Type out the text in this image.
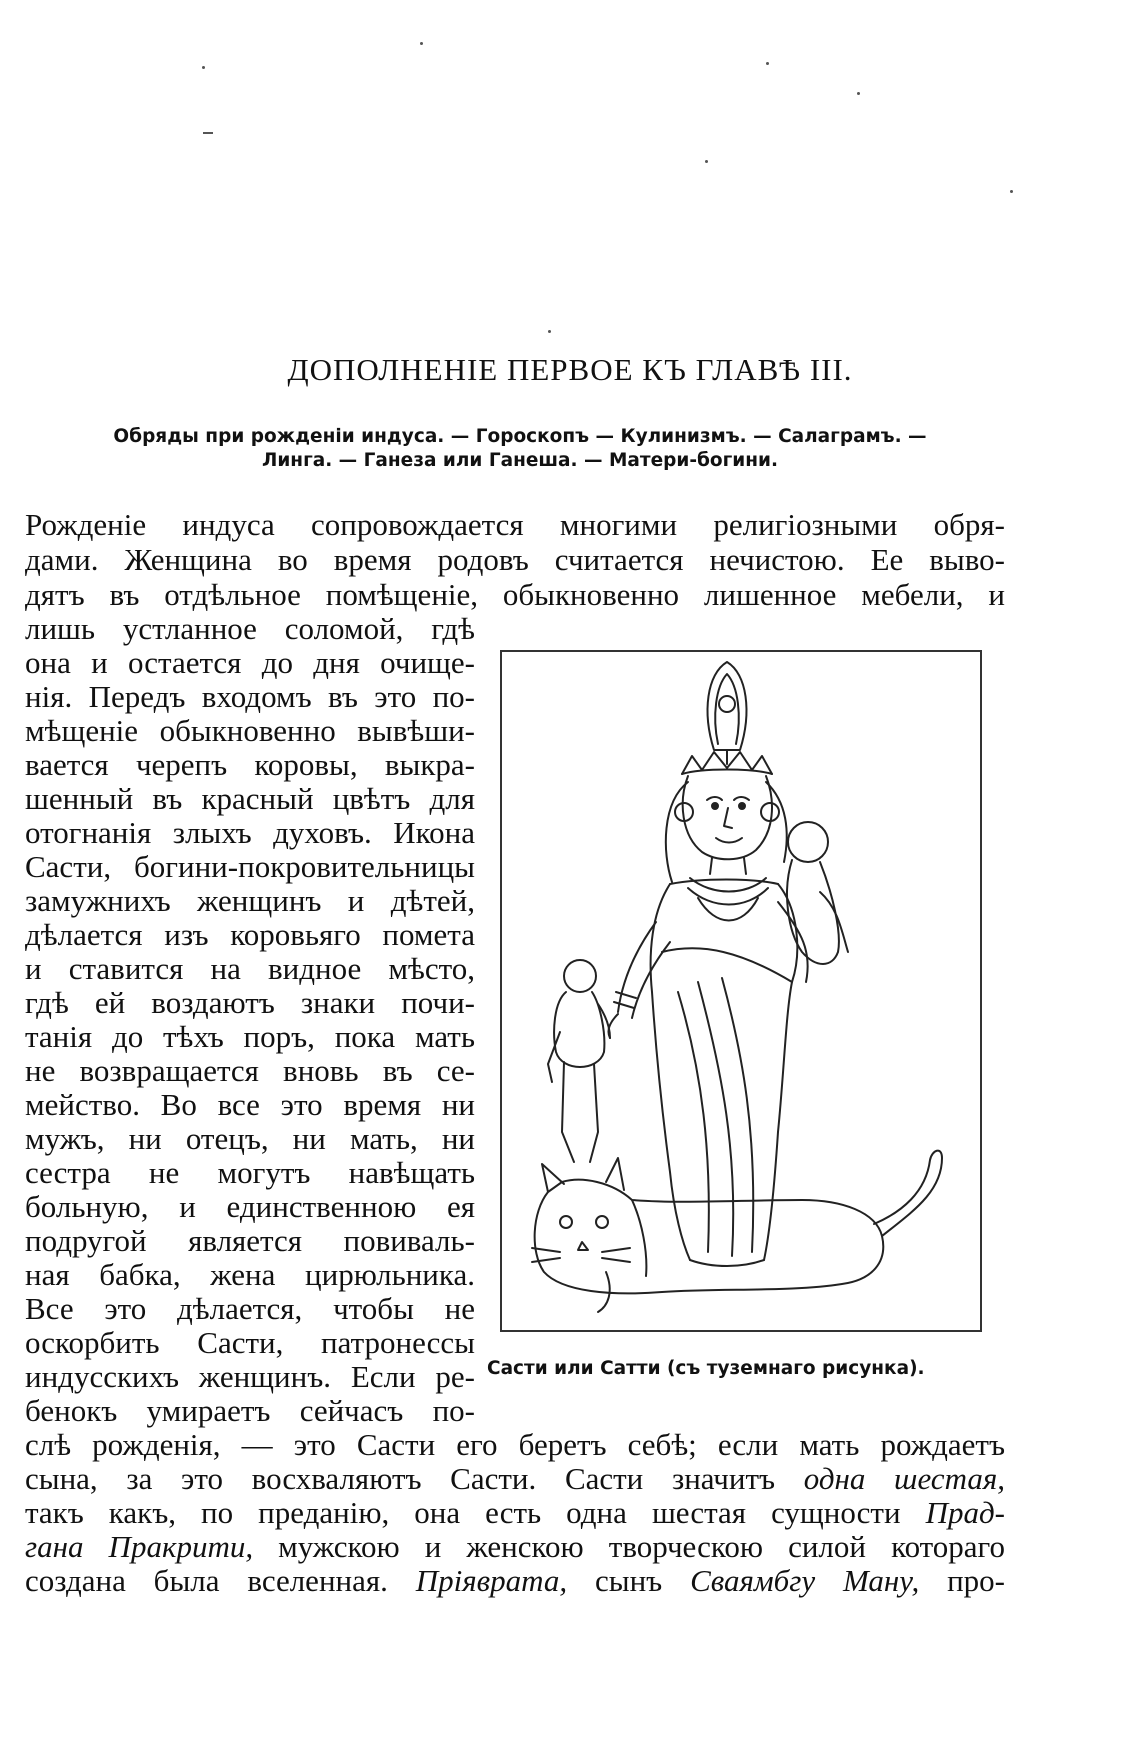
ДОПОЛНЕНІЕ ПЕРВОЕ КЪ ГЛАВѢ III.
Обряды при рожденіи индуса. — Гороскопъ — Кулинизмъ. — Салаграмъ. —
Линга. — Ганеза или Ганеша. — Матери-богини.
Рожденіе индуса сопровождается многими религіозными обря-
дами. Женщина во время родовъ считается нечистою. Ее выво-
дятъ въ отдѣльное помѣщеніе, обыкновенно лишенное мебели, и
лишь устланное соломой, гдѣ
она и остается до дня очище-
нія. Передъ входомъ въ это по-
мѣщеніе обыкновенно вывѣши-
вается черепъ коровы, выкра-
шенный въ красный цвѣтъ для
отогнанія злыхъ духовъ. Икона
Састи, богини-покровительницы
замужнихъ женщинъ и дѣтей,
дѣлается изъ коровьяго помета
и ставится на видное мѣсто,
гдѣ ей воздаютъ знаки почи-
танія до тѣхъ поръ, пока мать
не возвращается вновь въ се-
мейство. Во все это время ни
мужъ, ни отецъ, ни мать, ни
сестра не могутъ навѣщать
больную, и единственною ея
подругой является повиваль-
ная бабка, жена цирюльника.
Все это дѣлается, чтобы не
оскорбить Састи, патронессы
индусскихъ женщинъ. Если ре-
бенокъ умираетъ сейчасъ по-
слѣ рожденія, — это Састи его беретъ себѣ; если мать рождаетъ
сына, за это восхваляютъ Састи. Састи значитъ одна шестая,
такъ какъ, по преданію, она есть одна шестая сущности Прад-
гана Пракрити, мужскою и женскою творческою силой котораго
создана была вселенная. Пріяврата, сынъ Сваямбгу Ману, про-
Састи или Сатти (съ туземнаго рисунка).
